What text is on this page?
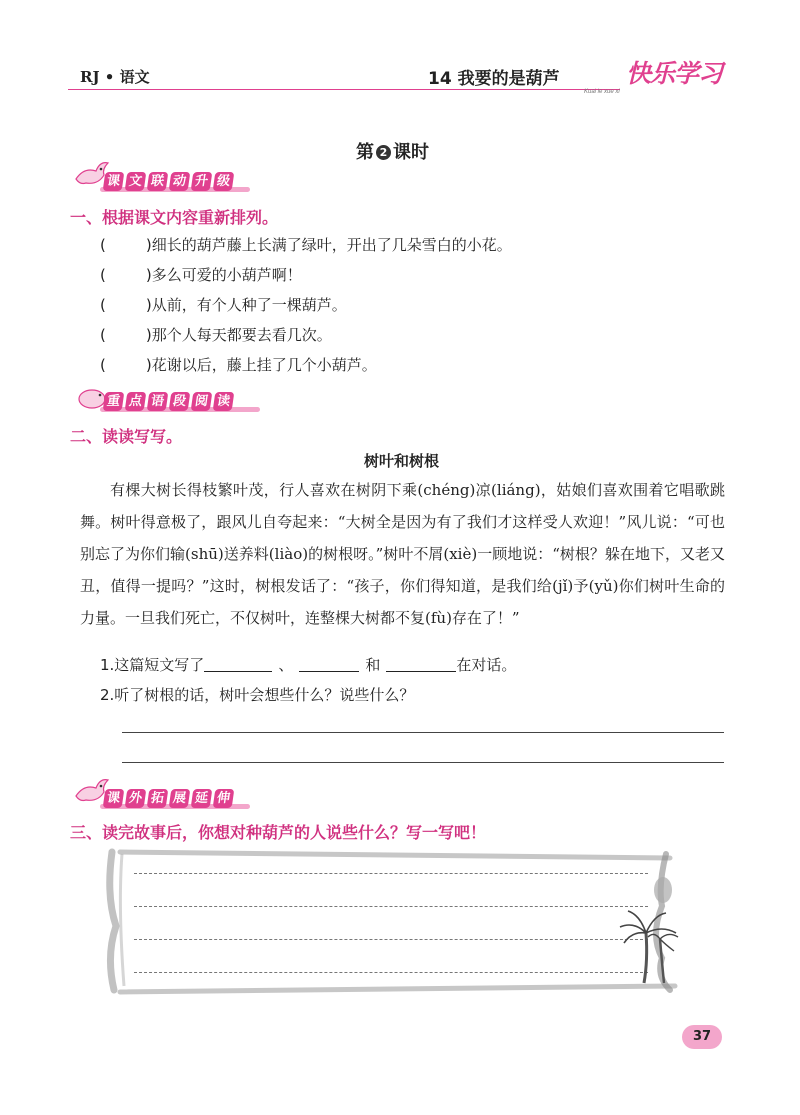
RJ • 语文	14 我要的是葫芦	快乐学习
Kuai le xue xi
第 2 课时
课 文 联 动 升 级
一、根据课文内容重新排列。
(	)细长的葫芦藤上长满了绿叶，开出了几朵雪白的小花。
(	)多么可爱的小葫芦啊！
(	)从前，有个人种了一棵葫芦。
(	)那个人每天都要去看几次。
(	)花谢以后，藤上挂了几个小葫芦。
重 点 语 段 阅 读
二、读读写写。
树叶和树根
有棵大树长得枝繁叶茂，行人喜欢在树阴下乘(chéng)凉(liáng)，姑娘们喜欢围着它唱歌跳舞。树叶得意极了，跟风儿自夸起来：“大树全是因为有了我们才这样受人欢迎！”风儿说：“可也别忘了为你们输(shū)送养料(liào)的树根呀。”树叶不屑(xiè)一顾地说：“树根？躲在地下，又老又丑，值得一提吗？”这时，树根发话了：“孩子，你们得知道，是我们给(jǐ)予(yǔ)你们树叶生命的力量。一旦我们死亡，不仅树叶，连整棵大树都不复(fù)存在了！”
1.这篇短文写了	、	和	在对话。
2.听了树根的话，树叶会想些什么？说些什么？
课 外 拓 展 延 伸
三、读完故事后，你想对种葫芦的人说些什么？写一写吧！
37
